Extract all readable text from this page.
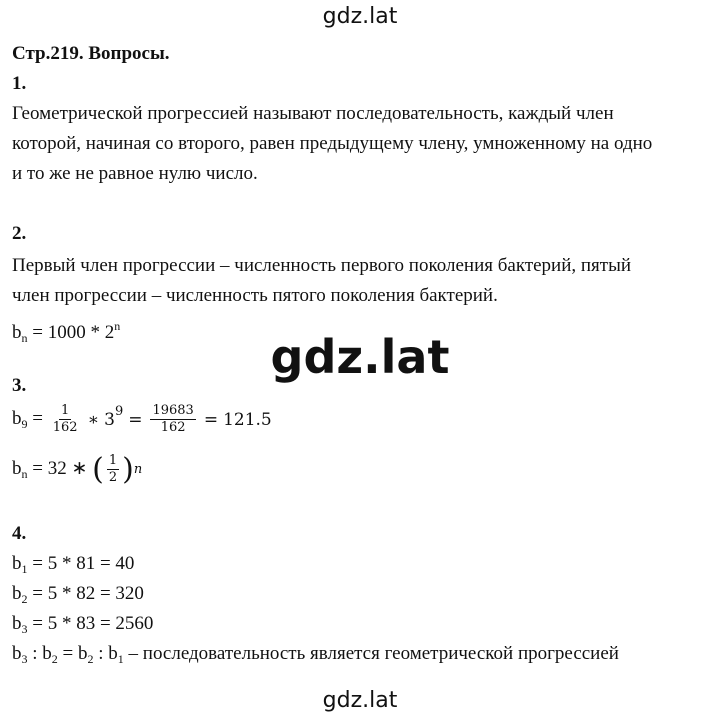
gdz.lat
gdz.lat
gdz.lat
Стр.219. Вопросы.
1.
Геометрической прогрессией называют последовательность, каждый член
которой, начиная со второго, равен предыдущему члену, умноженному на одно
и то же не равное нулю число.
2.
Первый член прогрессии – численность первого поколения бактерий, пятый
член прогрессии – численность пятого поколения бактерий.
$b_n = 1000 * 2^n$
3.
$b_9 = \frac{1}{162}$ ∗ 3 $9 = \frac{19683}{162} = 121.5$
$b_n = 32$ ∗ ( $\frac{1}{2}$ ) n
4.
$b_1 = 5 * 81 = 40$
$b_2 = 5 * 82 = 320$
$b_3 = 5 * 83 = 2560$
$b_3$ : $b_2 = b_2$ : $b_1$ – последовательность является геометрической прогрессией
